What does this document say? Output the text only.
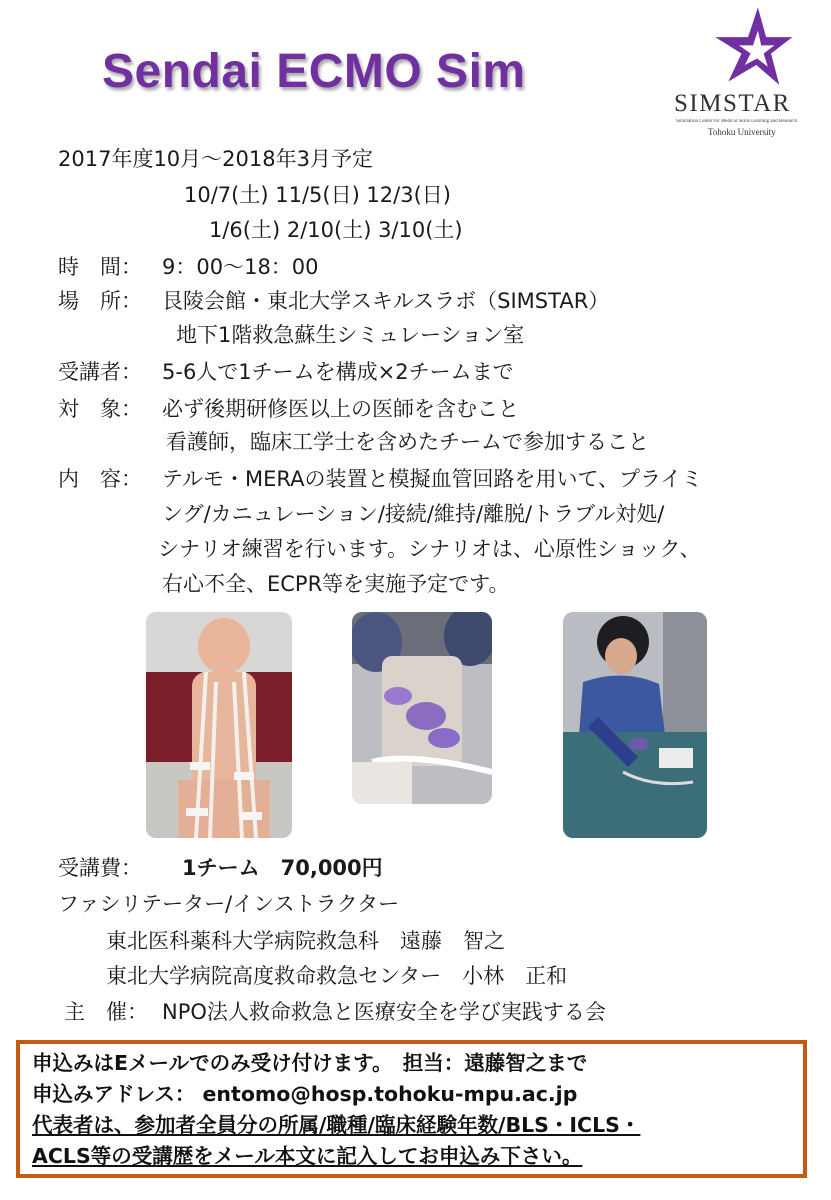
Sendai ECMO Sim
SIMSTAR
Simulation Center for Medical Skills Learning and Research
Tohoku University
2017年度10月～2018年3月予定
10/7(土) 11/5(日) 12/3(日)
1/6(土) 2/10(土) 3/10(土)
時　間： 9：00～18：00
場　所： 艮陵会館・東北大学スキルスラボ（SIMSTAR）
地下1階救急蘇生シミュレーション室
受講者： 5-6人で1チームを構成×2チームまで
対　象： 必ず後期研修医以上の医師を含むこと
看護師，臨床工学士を含めたチームで参加すること
内　容： テルモ・MERAの装置と模擬血管回路を用いて、プライミ
ング/カニュレーション/接続/維持/離脱/トラブル対処/
シナリオ練習を行います。シナリオは、心原性ショック、
右心不全、ECPR等を実施予定です。
受講費： 1チーム　70,000円
ファシリテーター/インストラクター
東北医科薬科大学病院救急科　遠藤　智之
東北大学病院高度救命救急センター　小林　正和
主　催： NPO法人救命救急と医療安全を学び実践する会
申込みはEメールでのみ受け付けます。　担当：遠藤智之まで
申込みアドレス： entomo@hosp.tohoku-mpu.ac.jp
代表者は、参加者全員分の所属/職種/臨床経験年数/BLS・ICLS・
ACLS等の受講歴をメール本文に記入してお申込み下さい。
